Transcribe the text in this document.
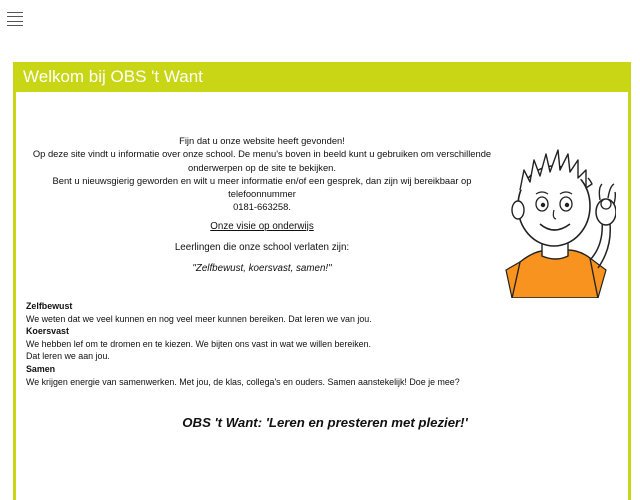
Welkom bij OBS 't Want
Fijn dat u onze website heeft gevonden!
Op deze site vindt u informatie over onze school. De menu's boven in beeld kunt u gebruiken om verschillende
onderwerpen op de site te bekijken.
Bent u nieuwsgierig geworden en wilt u meer informatie en/of een gesprek, dan zijn wij bereikbaar op
telefoonnummer
0181-663258.
Onze visie op onderwijs
Leerlingen die onze school verlaten zijn:
"Zelfbewust, koersvast, samen!"
Zelfbewust
We weten dat we veel kunnen en nog veel meer kunnen bereiken. Dat leren we van jou.
Koersvast
We hebben lef om te dromen en te kiezen. We bijten ons vast in wat we willen bereiken.
Dat leren we aan jou.
Samen
We krijgen energie van samenwerken. Met jou, de klas, collega's en ouders. Samen aanstekelijk! Doe je mee?
OBS 't Want: 'Leren en presteren met plezier!'
